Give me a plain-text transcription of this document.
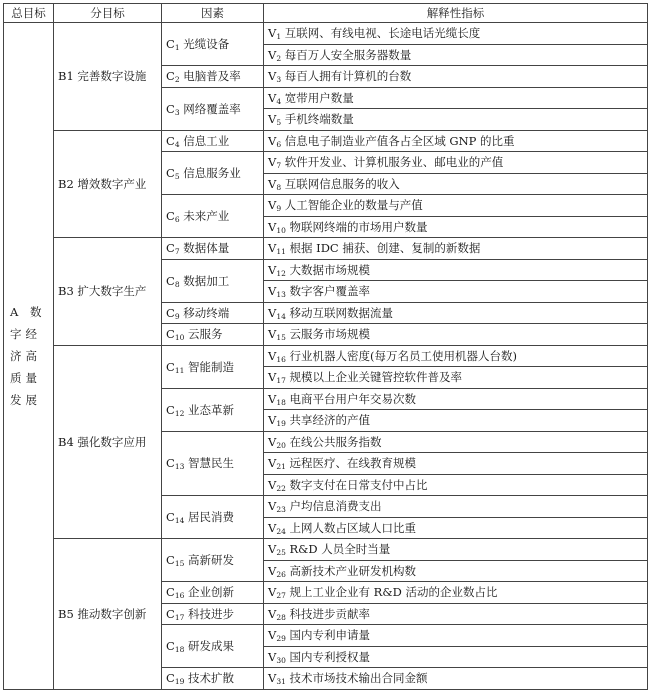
总目标	分目标	因素	解释性指标
A 数字经济高质量发展	B1 完善数字设施	$C_1$ 光缆设备	$V_1$ 互联网、有线电视、长途电话光缆长度
			$V_2$ 每百万人安全服务器数量
		$C_2$ 电脑普及率	$V_3$ 每百人拥有计算机的台数
		$C_3$ 网络覆盖率	$V_4$ 宽带用户数量
			$V_5$ 手机终端数量
	B2 增效数字产业	$C_4$ 信息工业	$V_6$ 信息电子制造业产值各占全区域 GNP 的比重
		$C_5$ 信息服务业	$V_7$ 软件开发业、计算机服务业、邮电业的产值
			$V_8$ 互联网信息服务的收入
		$C_6$ 未来产业	$V_9$ 人工智能企业的数量与产值
			$V_{10}$ 物联网终端的市场用户数量
	B3 扩大数字生产	$C_7$ 数据体量	$V_{11}$ 根据 IDC 捕获、创建、复制的新数据
		$C_8$ 数据加工	$V_{12}$ 大数据市场规模
			$V_{13}$ 数字客户覆盖率
		$C_9$ 移动终端	$V_{14}$ 移动互联网数据流量
		$C_{10}$ 云服务	$V_{15}$ 云服务市场规模
	B4 强化数字应用	$C_{11}$ 智能制造	$V_{16}$ 行业机器人密度(每万名员工使用机器人台数)
			$V_{17}$ 规模以上企业关键管控软件普及率
		$C_{12}$ 业态革新	$V_{18}$ 电商平台用户年交易次数
			$V_{19}$ 共享经济的产值
		$C_{13}$ 智慧民生	$V_{20}$ 在线公共服务指数
			$V_{21}$ 远程医疗、在线教育规模
			$V_{22}$ 数字支付在日常支付中占比
		$C_{14}$ 居民消费	$V_{23}$ 户均信息消费支出
			$V_{24}$ 上网人数占区域人口比重
	B5 推动数字创新	$C_{15}$ 高新研发	$V_{25}$ R&D 人员全时当量
			$V_{26}$ 高新技术产业研发机构数
		$C_{16}$ 企业创新	$V_{27}$ 规上工业企业有 R&D 活动的企业数占比
		$C_{17}$ 科技进步	$V_{28}$ 科技进步贡献率
		$C_{18}$ 研发成果	$V_{29}$ 国内专利申请量
			$V_{30}$ 国内专利授权量
		$C_{19}$ 技术扩散	$V_{31}$ 技术市场技术输出合同金额
